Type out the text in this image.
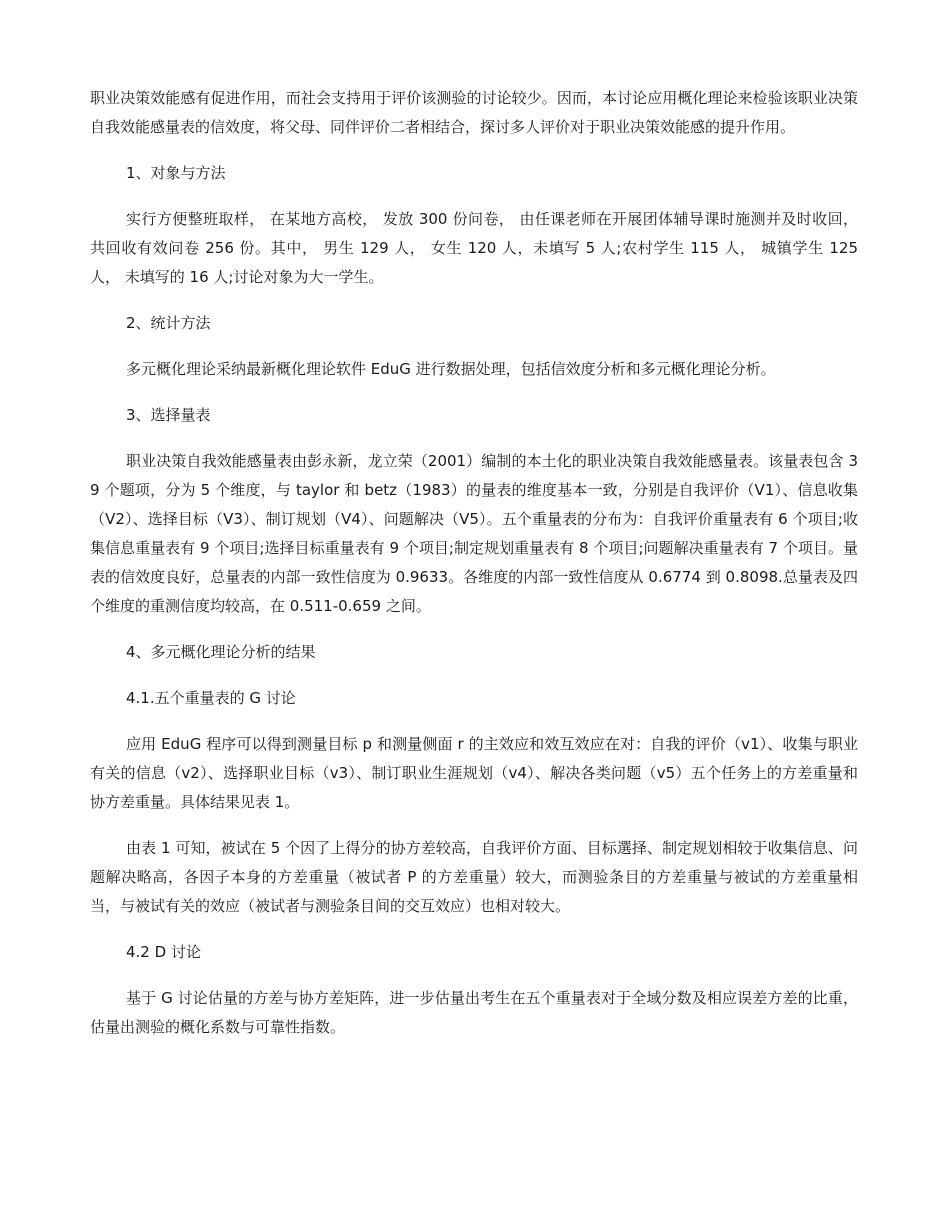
职业决策效能感有促进作用，而社会支持用于评价该测验的讨论较少。因而，本讨论应用概化理论来检验该职业决策自我效能感量表的信效度，将父母、同伴评价二者相结合，探讨多人评价对于职业决策效能感的提升作用。
1、对象与方法
实行方便整班取样， 在某地方高校， 发放 300 份问卷， 由任课老师在开展团体辅导课时施测并及时收回， 共回收有效问卷 256 份。其中， 男生 129 人， 女生 120 人，未填写 5 人;农村学生 115 人， 城镇学生 125 人， 未填写的 16 人;讨论对象为大一学生。
2、统计方法
多元概化理论采纳最新概化理论软件 EduG 进行数据处理，包括信效度分析和多元概化理论分析。
3、选择量表
职业决策自我效能感量表由彭永新，龙立荣（2001）编制的本土化的职业决策自我效能感量表。该量表包含 39 个题项，分为 5 个维度，与 taylor 和 betz（1983）的量表的维度基本一致，分别是自我评价（V1）、信息收集（V2）、选择目标（V3）、制订规划（V4）、问题解决（V5）。五个重量表的分布为：自我评价重量表有 6 个项目;收集信息重量表有 9 个项目;选择目标重量表有 9 个项目;制定规划重量表有 8 个项目;问题解决重量表有 7 个项目。量表的信效度良好，总量表的内部一致性信度为 0.9633。各维度的内部一致性信度从 0.6774 到 0.8098.总量表及四个维度的重测信度均较高，在 0.511-0.659 之间。
4、多元概化理论分析的结果
4.1.五个重量表的 G 讨论
应用 EduG 程序可以得到测量目标 p 和测量侧面 r 的主效应和效互效应在对：自我的评价（v1）、收集与职业有关的信息（v2）、选择职业目标（v3）、制订职业生涯规划（v4）、解决各类问题（v5）五个任务上的方差重量和协方差重量。具体结果见表 1。
由表 1 可知，被试在 5 个因了上得分的协方差较高，自我评价方面、目标選择、制定规划相较于收集信息、问题解决略高，各因子本身的方差重量（被试者 P 的方差重量）较大，而测验条目的方差重量与被试的方差重量相当，与被试有关的效应（被试者与测验条目间的交互效应）也相对较大。
4.2 D 讨论
基于 G 讨论估量的方差与协方差矩阵，进一步估量出考生在五个重量表对于全域分数及相应误差方差的比重，估量出测验的概化系数与可靠性指数。
